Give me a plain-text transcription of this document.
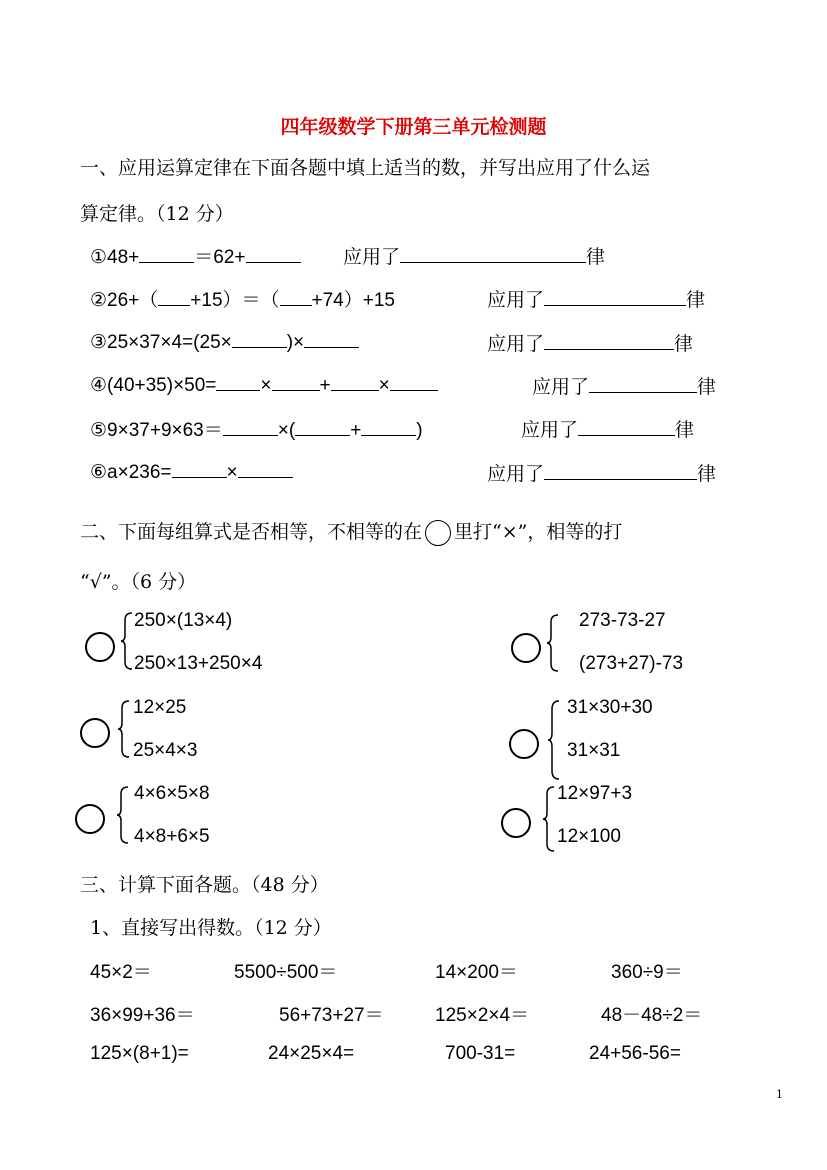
四年级数学下册第三单元检测题
一、应用运算定律在下面各题中填上适当的数，并写出应用了什么运
算定律。（12 分）
①48+	＝62+	应用了	律
②26+（ +15）＝（ +74）+15	应用了	律
③25×37×4=(25×	)×	应用了	律
④(40+35)×50= ×	+	×	应用了	律
⑤9×37+9×63＝	×(	+	)	应用了	律
⑥a×236=	×	应用了	律
二、下面每组算式是否相等，不相等的在 里打“×”，相等的打
“√”。（6 分）
250×(13×4)
250×13+250×4
273-73-27
(273+27)-73
12×25
25×4×3
31×30+30
31×31
4×6×5×8
4×8+6×5
12×97+3
12×100
三、计算下面各题。（48 分）
1、直接写出得数。（12 分）
45×2＝	5500÷500＝	14×200＝	360÷9＝
36×99+36＝	56+73+27＝	125×2×4＝	48－48÷2＝
125×(8+1)=	24×25×4=	700-31=	24+56-56=
1
